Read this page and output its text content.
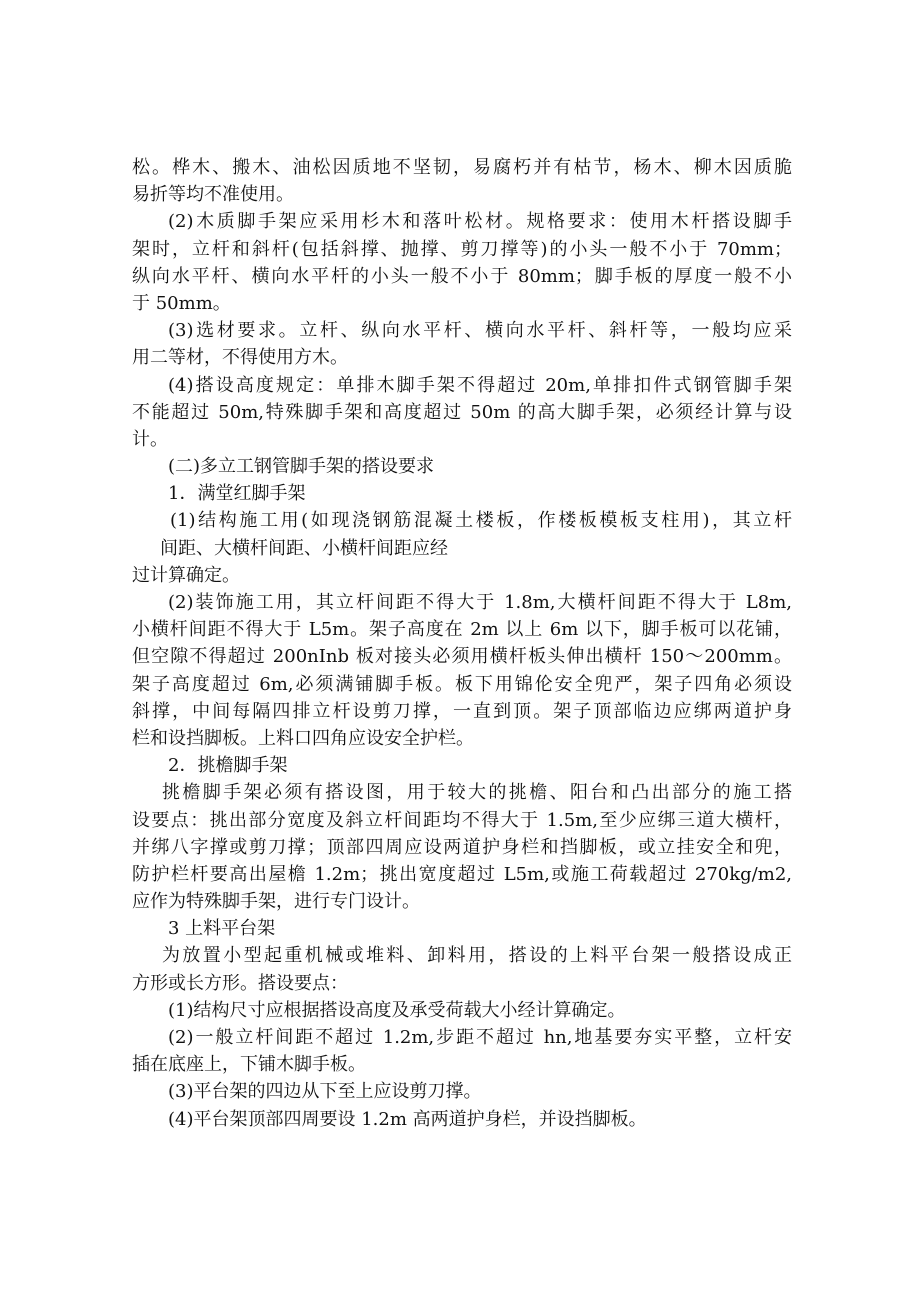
松。桦木、搬木、油松因质地不坚韧，易腐朽并有枯节，杨木、柳木因质脆
易折等均不准使用。
(2)木质脚手架应采用杉木和落叶松材。规格要求：使用木杆搭设脚手
架时，立杆和斜杆(包括斜撑、抛撑、剪刀撑等)的小头一般不小于 70mm；
纵向水平杆、横向水平杆的小头一般不小于 80mm；脚手板的厚度一般不小
于 50mm。
(3)选材要求。立杆、纵向水平杆、横向水平杆、斜杆等，一般均应采
用二等材，不得使用方木。
(4)搭设高度规定：单排木脚手架不得超过 20m,单排扣件式钢管脚手架
不能超过 50m,特殊脚手架和高度超过 50m 的高大脚手架，必须经计算与设
计。
(二)多立工钢管脚手架的搭设要求
1．满堂红脚手架
(1)结构施工用(如现浇钢筋混凝土楼板，作楼板模板支柱用)，其立杆
间距、大横杆间距、小横杆间距应经
过计算确定。
(2)装饰施工用，其立杆间距不得大于 1.8m,大横杆间距不得大于 L8m,
小横杆间距不得大于 L5m。架子高度在 2m 以上 6m 以下，脚手板可以花铺，
但空隙不得超过 200nInb 板对接头必须用横杆板头伸出横杆 150～200mm。
架子高度超过 6m,必须满铺脚手板。板下用锦伦安全兜严，架子四角必须设
斜撑，中间每隔四排立杆设剪刀撑，一直到顶。架子顶部临边应绑两道护身
栏和设挡脚板。上料口四角应设安全护栏。
2．挑檐脚手架
挑檐脚手架必须有搭设图，用于较大的挑檐、阳台和凸出部分的施工搭
设要点：挑出部分宽度及斜立杆间距均不得大于 1.5m,至少应绑三道大横杆，
并绑八字撑或剪刀撑；顶部四周应设两道护身栏和挡脚板，或立挂安全和兜，
防护栏杆要高出屋檐 1.2m；挑出宽度超过 L5m,或施工荷载超过 270kg/m2,
应作为特殊脚手架，进行专门设计。
3 上料平台架
为放置小型起重机械或堆料、卸料用，搭设的上料平台架一般搭设成正
方形或长方形。搭设要点：
(1)结构尺寸应根据搭设高度及承受荷载大小经计算确定。
(2)一般立杆间距不超过 1.2m,步距不超过 hn,地基要夯实平整，立杆安
插在底座上，下铺木脚手板。
(3)平台架的四边从下至上应设剪刀撑。
(4)平台架顶部四周要设 1.2m 高两道护身栏，并设挡脚板。
